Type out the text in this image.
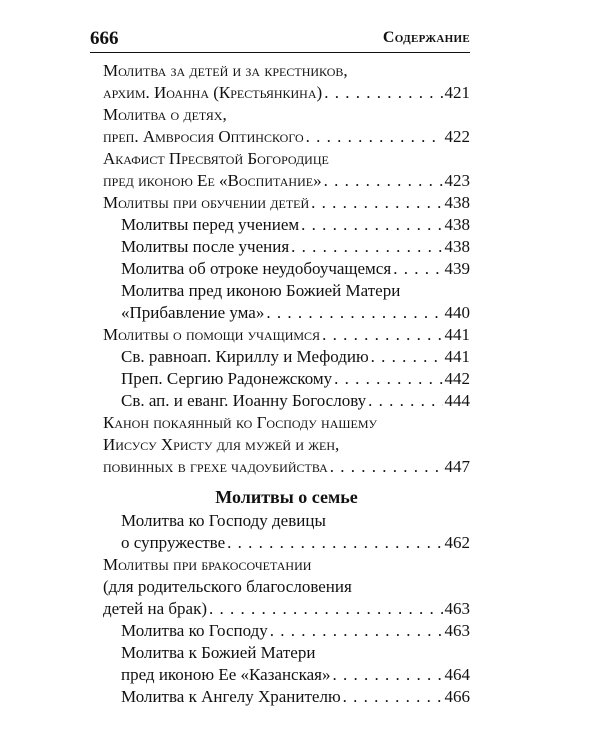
666	Содержание
Молитва за детей и за крестников,
архим. Иоанна (Крестьянкина) . . .	421
Молитва о детях,
преп. Амвросия Оптинского . . .	422
Акафист Пресвятой Богородице
пред иконою Ее «Воспитание» . . .	423
Молитвы при обучении детей . . .	438
Молитвы перед учением . . .	438
Молитвы после учения . . .	438
Молитва об отроке неудобоучащемся . . .	439
Молитва пред иконою Божией Матери
«Прибавление ума» . . .	440
Молитвы о помощи учащимся . . .	441
Св. равноап. Кириллу и Мефодию . . .	441
Преп. Сергию Радонежскому . . .	442
Св. ап. и еванг. Иоанну Богослову . . .	444
Канон покаянный ко Господу нашему
Иисусу Христу для мужей и жен,
повинных в грехе чадоубийства . . .	447
Молитвы о семье
Молитва ко Господу девицы
о супружестве . . .	462
Молитвы при бракосочетании
(для родительского благословения
детей на брак) . . .	463
Молитва ко Господу . . .	463
Молитва к Божией Матери
пред иконою Ее «Казанская» . . .	464
Молитва к Ангелу Хранителю . . .	466
